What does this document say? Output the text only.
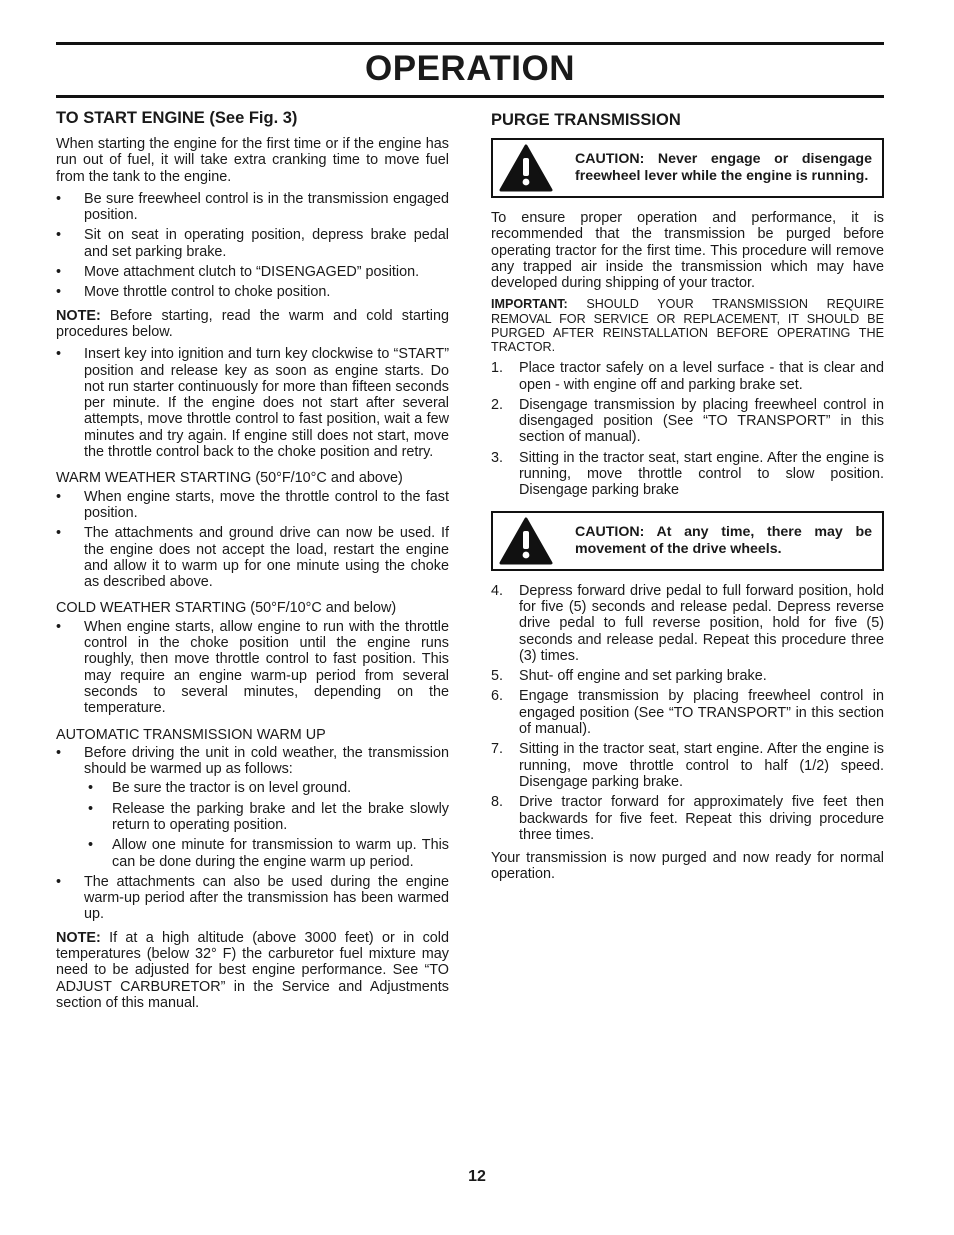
OPERATION
TO START ENGINE (See Fig. 3)

When starting the engine for the first time or if the engine has run out of fuel, it will take extra cranking time to move fuel from the tank to the engine.

• Be sure freewheel control is in the transmission engaged position.
• Sit on seat in operating position, depress brake pedal and set parking brake.
• Move attachment clutch to “DISENGAGED” position.
• Move throttle control to choke position.

NOTE: Before starting, read the warm and cold starting procedures below.

• Insert key into ignition and turn key clockwise to “START” position and release key as soon as engine starts. Do not run starter continuously for more than fifteen seconds per minute. If the engine does not start after several attempts, move throttle control to fast position, wait a few minutes and try again. If engine still does not start, move the throttle control back to the choke position and retry.

WARM WEATHER STARTING (50°F/10°C and above)

• When engine starts, move the throttle control to the fast position.
• The attachments and ground drive can now be used. If the engine does not accept the load, restart the engine and allow it to warm up for one minute using the choke as described above.

COLD WEATHER STARTING (50°F/10°C and below)

• When engine starts, allow engine to run with the throttle control in the choke position until the engine runs roughly, then move throttle control to fast position. This may require an engine warm-up period from several seconds to several minutes, depending on the temperature.

AUTOMATIC TRANSMISSION WARM UP

• Before driving the unit in cold weather, the transmission should be warmed up as follows:
• Be sure the tractor is on level ground.
• Release the parking brake and let the brake slowly return to operating position.
• Allow one minute for transmission to warm up. This can be done during the engine warm up period.
• The attachments can also be used during the engine warm-up period after the transmission has been warmed up.

NOTE: If at a high altitude (above 3000 feet) or in cold temperatures (below 32° F) the carburetor fuel mixture may need to be adjusted for best engine performance. See “TO ADJUST CARBURETOR” in the Service and Adjustments section of this manual.

PURGE TRANSMISSION
CAUTION: Never engage or disengage freewheel lever while the engine is running.

To ensure proper operation and performance, it is recommended that the transmission be purged before operating tractor for the first time. This procedure will remove any trapped air inside the transmission which may have developed during shipping of your tractor.

IMPORTANT: SHOULD YOUR TRANSMISSION REQUIRE REMOVAL FOR SERVICE OR REPLACEMENT, IT SHOULD BE PURGED AFTER REINSTALLATION BEFORE OPERATING THE TRACTOR.

1. Place tractor safely on a level surface - that is clear and open - with engine off and parking brake set.
2. Disengage transmission by placing freewheel control in disengaged position (See “TO TRANSPORT” in this section of manual).
3. Sitting in the tractor seat, start engine. After the engine is running, move throttle control to slow position. Disengage parking brake
CAUTION: At any time, there may be movement of the drive wheels.
4. Depress forward drive pedal to full forward position, hold for five (5) seconds and release pedal. Depress reverse drive pedal to full reverse position, hold for five (5) seconds and release pedal. Repeat this procedure three (3) times.
5. Shut- off engine and set parking brake.
6. Engage transmission by placing freewheel control in engaged position (See “TO TRANSPORT” in this section of manual).
7. Sitting in the tractor seat, start engine. After the engine is running, move throttle control to half (1/2) speed. Disengage parking brake.
8. Drive tractor forward for approximately five feet then backwards for five feet. Repeat this driving procedure three times.

Your transmission is now purged and now ready for normal operation.

12
